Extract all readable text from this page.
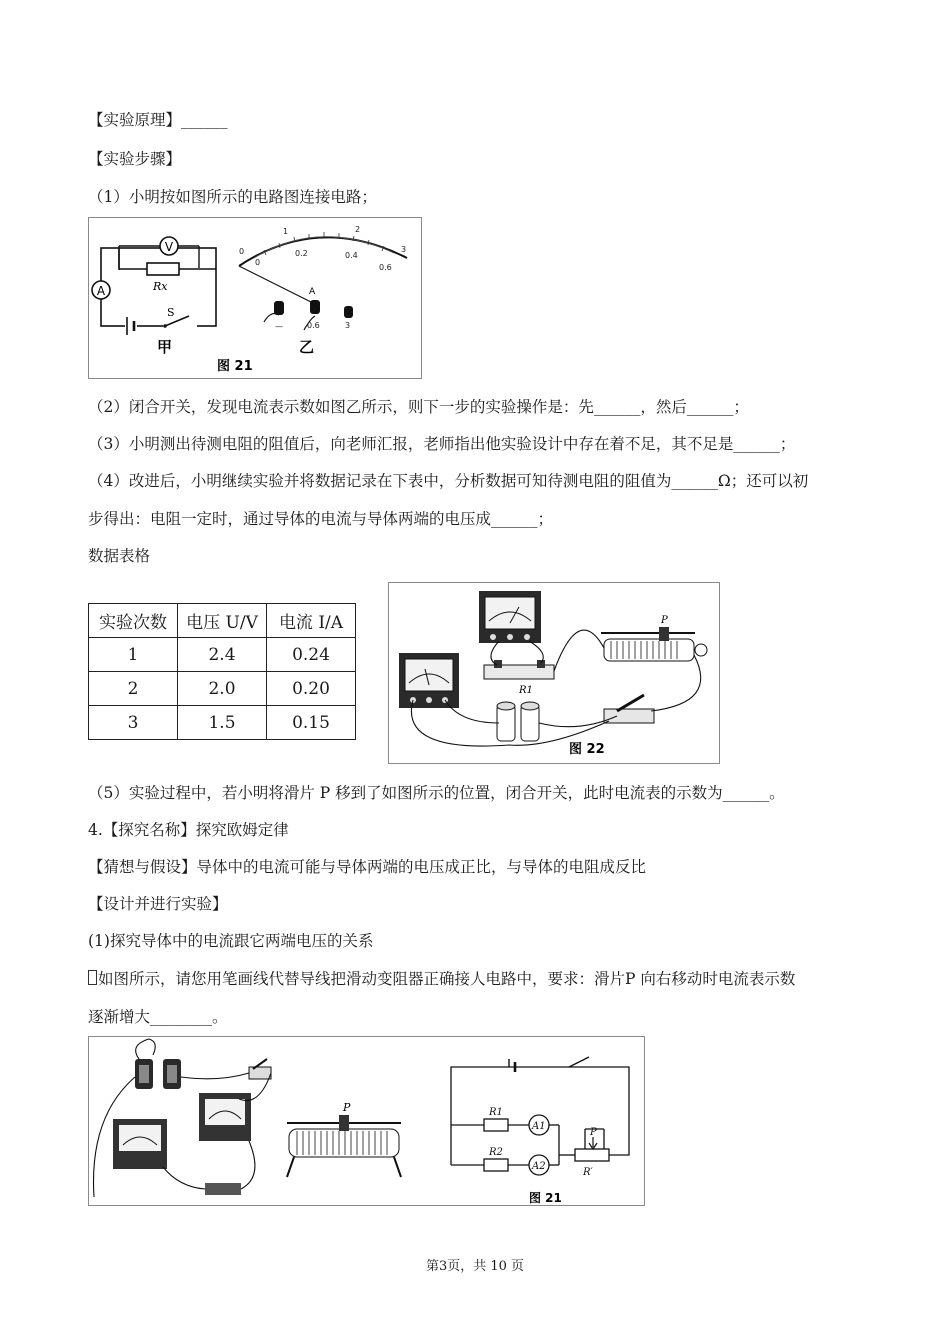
【实验原理】______
【实验步骤】
（1）小明按如图所示的电路图连接电路；
V
Rx
A
S
甲
0
1	2
3
0
0.2	0.4
0.6
A
—	0.6	3
乙
图 21
（2）闭合开关，发现电流表示数如图乙所示，则下一步的实验操作是：先______，然后______；
（3）小明测出待测电阻的阻值后，向老师汇报，老师指出他实验设计中存在着不足，其不足是______；
（4）改进后，小明继续实验并将数据记录在下表中，分析数据可知待测电阻的阻值为______Ω；还可以初
步得出：电阻一定时，通过导体的电流与导体两端的电压成______；
数据表格
实验次数	电压 U/V	电流 I/A
1	2.4	0.24
2	2.0	0.20
3	1.5	0.15
R1
P
图 22
（5）实验过程中，若小明将滑片 P 移到了如图所示的位置，闭合开关，此时电流表的示数为______。
4.【探究名称】探究欧姆定律
【猜想与假设】导体中的电流可能与导体两端的电压成正比，与导体的电阻成反比
【设计并进行实验】
(1)探究导体中的电流跟它两端电压的关系
如图所示，请您用笔画线代替导线把滑动变阻器正确接人电路中，要求：滑片P 向右移动时电流表示数
逐渐增大________。
P	R1
R2
A1
A2
P
R′
图 21
第3页，共 10 页
